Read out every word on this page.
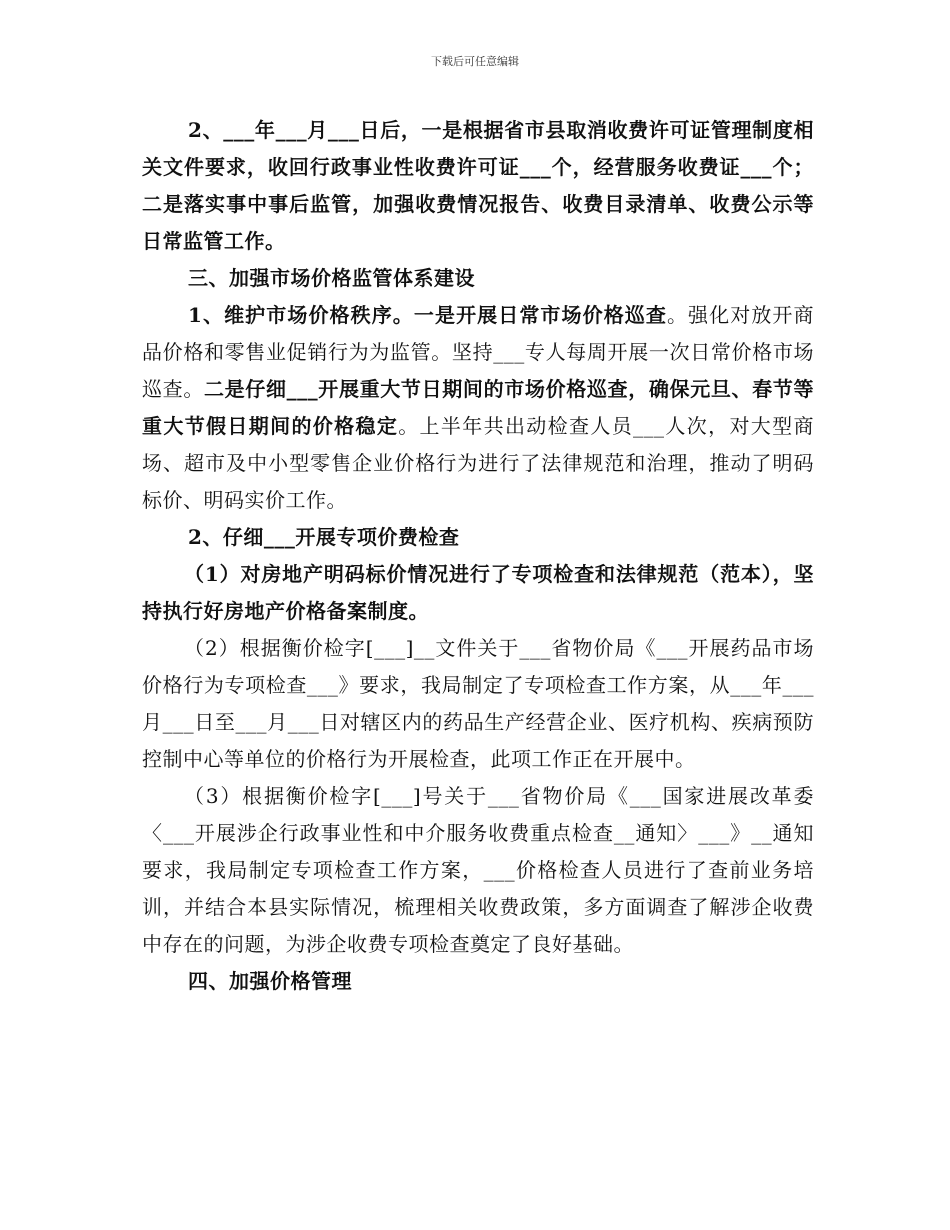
下载后可任意编辑

2、___年___月___日后，一是根据省市县取消收费许可证管理制度相关文件要求，收回行政事业性收费许可证___个，经营服务收费证___个；二是落实事中事后监管，加强收费情况报告、收费目录清单、收费公示等日常监管工作。

三、加强市场价格监管体系建设

1、维护市场价格秩序。一是开展日常市场价格巡查。强化对放开商品价格和零售业促销行为为监管。坚持___专人每周开展一次日常价格市场巡查。二是仔细___开展重大节日期间的市场价格巡查，确保元旦、春节等重大节假日期间的价格稳定。上半年共出动检查人员___人次，对大型商场、超市及中小型零售企业价格行为进行了法律规范和治理，推动了明码标价、明码实价工作。

2、仔细___开展专项价费检查

（1）对房地产明码标价情况进行了专项检查和法律规范（范本），坚持执行好房地产价格备案制度。

（2）根据衡价检字[___]__文件关于___省物价局《___开展药品市场价格行为专项检查___》要求，我局制定了专项检查工作方案，从___年___月___日至___月___日对辖区内的药品生产经营企业、医疗机构、疾病预防控制中心等单位的价格行为开展检查，此项工作正在开展中。

（3）根据衡价检字[___]号关于___省物价局《___国家进展改革委〈___开展涉企行政事业性和中介服务收费重点检查__通知〉___》__通知要求，我局制定专项检查工作方案，___价格检查人员进行了查前业务培训，并结合本县实际情况，梳理相关收费政策，多方面调查了解涉企收费中存在的问题，为涉企收费专项检查奠定了良好基础。

四、加强价格管理
